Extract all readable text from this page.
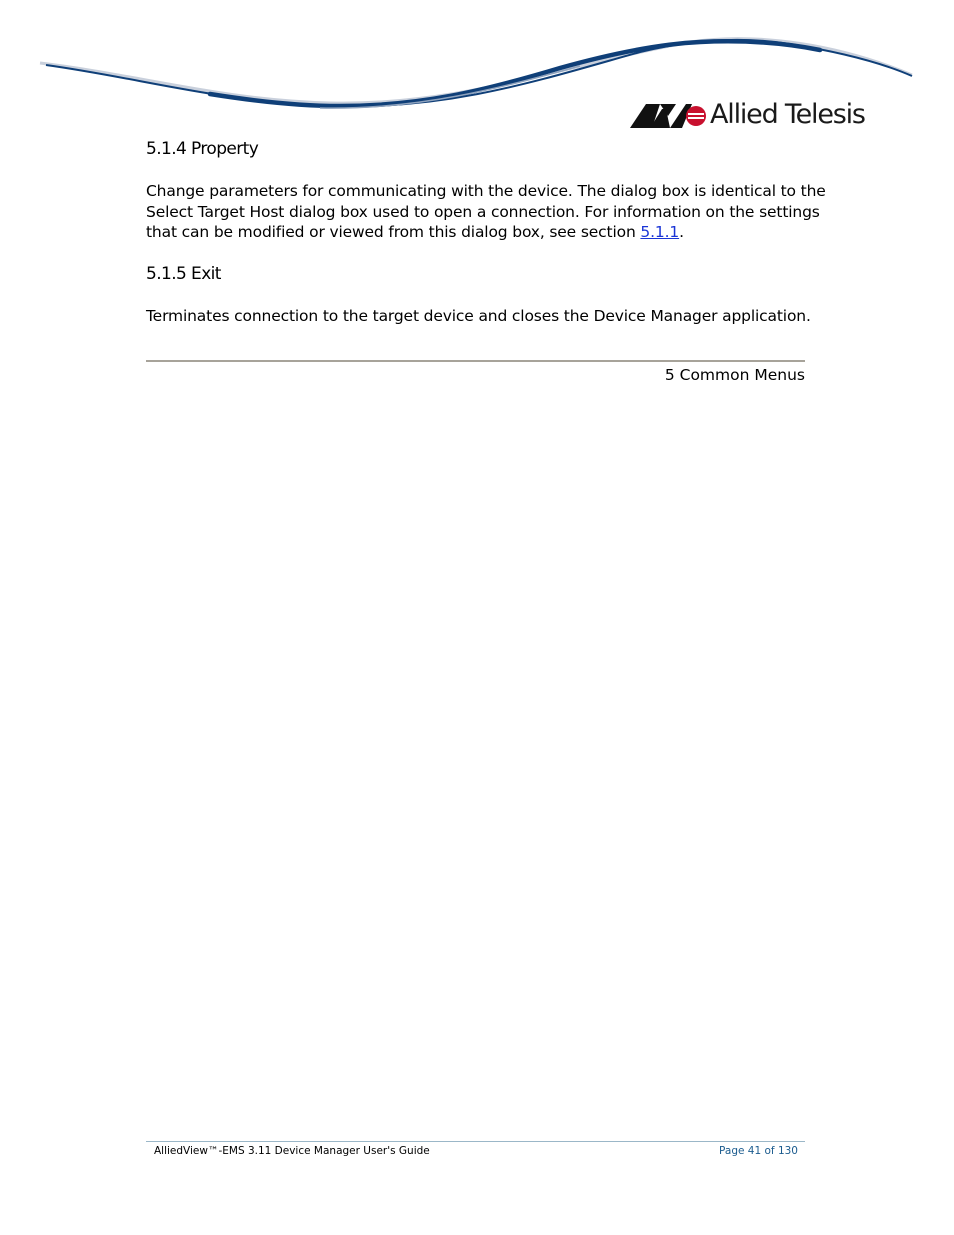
Allied Telesis
5.1.4 Property

Change parameters for communicating with the device. The dialog box is identical to the Select Target Host dialog box used to open a connection. For information on the settings that can be modified or viewed from this dialog box, see section 5.1.1.

5.1.5 Exit

Terminates connection to the target device and closes the Device Manager application.

5 Common Menus
AlliedView™-EMS 3.11 Device Manager User's Guide	Page 41 of 130
